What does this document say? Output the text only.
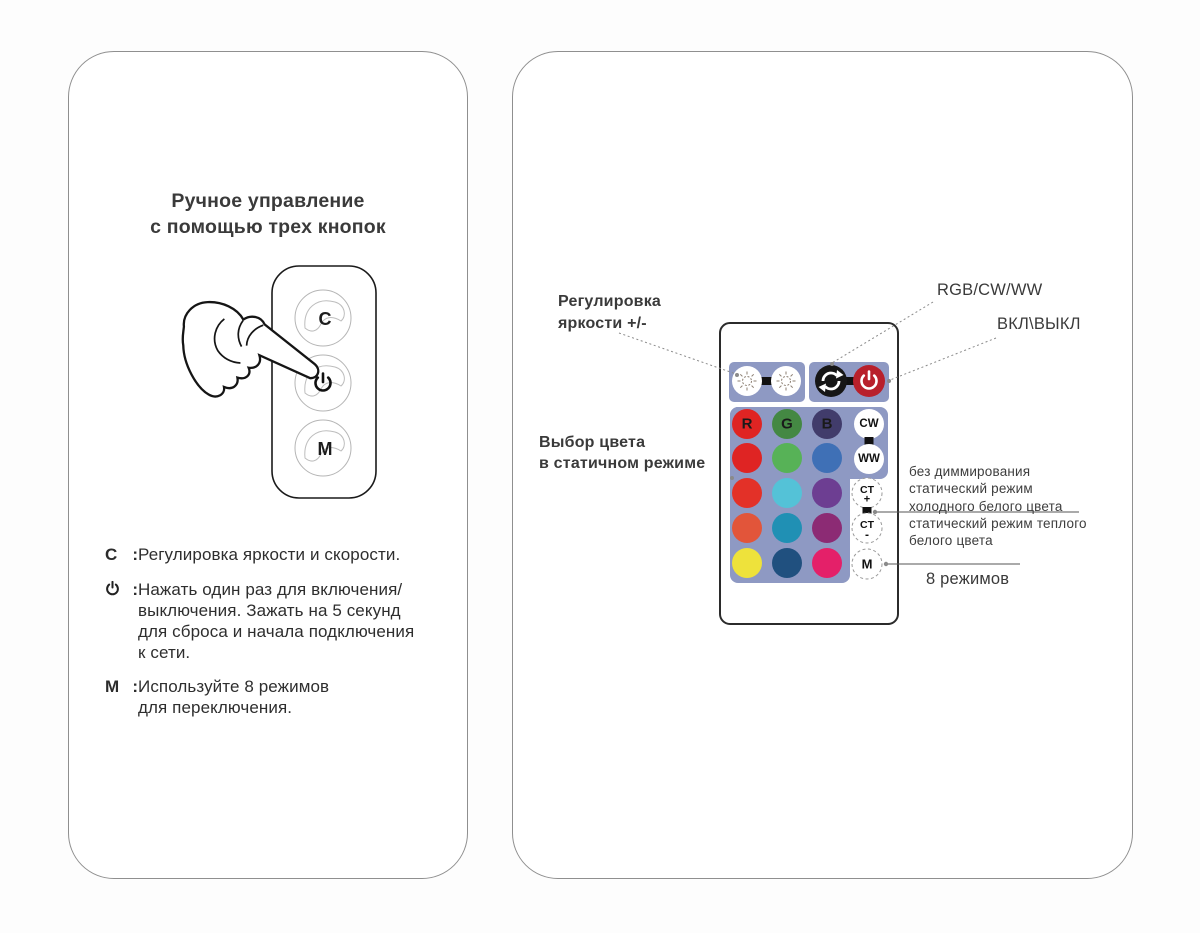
Ручное управление
с помощью трех кнопок
C
M
C : Регулировка яркости и скорости.
: Нажать один раз для включения/
выключения. Зажать на 5 секунд
для сброса и начала подключения
к сети.
M : Используйте 8 режимов
для переключения.
Регулировка
яркости +/-
RGB/CW/WW
ВКЛ\ВЫКЛ
Выбор цвета
в статичном режиме	без диммирования
статический режим
холодного белого цвета
статический режим теплого
белого цвета
8 режимов
R G B CW
WW
CT
+
CT
-
M
